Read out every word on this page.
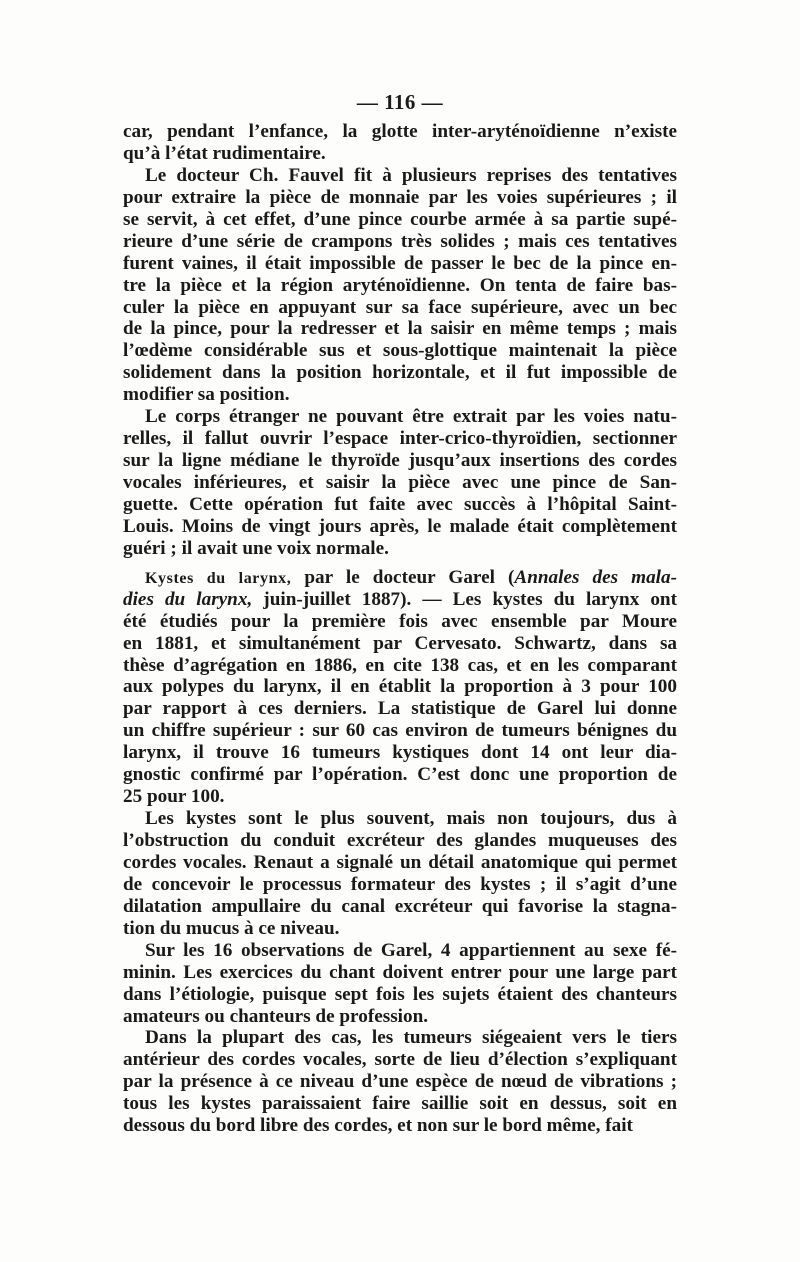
— 116 —
car, pendant l’enfance, la glotte inter-aryténoïdienne n’existe
qu’à l’état rudimentaire.
Le docteur Ch. Fauvel fit à plusieurs reprises des tentatives
pour extraire la pièce de monnaie par les voies supérieures ; il
se servit, à cet effet, d’une pince courbe armée à sa partie supé-
rieure d’une série de crampons très solides ; mais ces tentatives
furent vaines, il était impossible de passer le bec de la pince en-
tre la pièce et la région aryténoïdienne. On tenta de faire bas-
culer la pièce en appuyant sur sa face supérieure, avec un bec
de la pince, pour la redresser et la saisir en même temps ; mais
l’œdème considérable sus et sous-glottique maintenait la pièce
solidement dans la position horizontale, et il fut impossible de
modifier sa position.
Le corps étranger ne pouvant être extrait par les voies natu-
relles, il fallut ouvrir l’espace inter-crico-thyroïdien, sectionner
sur la ligne médiane le thyroïde jusqu’aux insertions des cordes
vocales inférieures, et saisir la pièce avec une pince de San-
guette. Cette opération fut faite avec succès à l’hôpital Saint-
Louis. Moins de vingt jours après, le malade était complètement
guéri ; il avait une voix normale.
Kystes du larynx, par le docteur Garel (Annales des mala-
dies du larynx, juin-juillet 1887). — Les kystes du larynx ont
été étudiés pour la première fois avec ensemble par Moure
en 1881, et simultanément par Cervesato. Schwartz, dans sa
thèse d’agrégation en 1886, en cite 138 cas, et en les comparant
aux polypes du larynx, il en établit la proportion à 3 pour 100
par rapport à ces derniers. La statistique de Garel lui donne
un chiffre supérieur : sur 60 cas environ de tumeurs bénignes du
larynx, il trouve 16 tumeurs kystiques dont 14 ont leur dia-
gnostic confirmé par l’opération. C’est donc une proportion de
25 pour 100.
Les kystes sont le plus souvent, mais non toujours, dus à
l’obstruction du conduit excréteur des glandes muqueuses des
cordes vocales. Renaut a signalé un détail anatomique qui permet
de concevoir le processus formateur des kystes ; il s’agit d’une
dilatation ampullaire du canal excréteur qui favorise la stagna-
tion du mucus à ce niveau.
Sur les 16 observations de Garel, 4 appartiennent au sexe fé-
minin. Les exercices du chant doivent entrer pour une large part
dans l’étiologie, puisque sept fois les sujets étaient des chanteurs
amateurs ou chanteurs de profession.
Dans la plupart des cas, les tumeurs siégeaient vers le tiers
antérieur des cordes vocales, sorte de lieu d’élection s’expliquant
par la présence à ce niveau d’une espèce de nœud de vibrations ;
tous les kystes paraissaient faire saillie soit en dessus, soit en
dessous du bord libre des cordes, et non sur le bord même, fait
